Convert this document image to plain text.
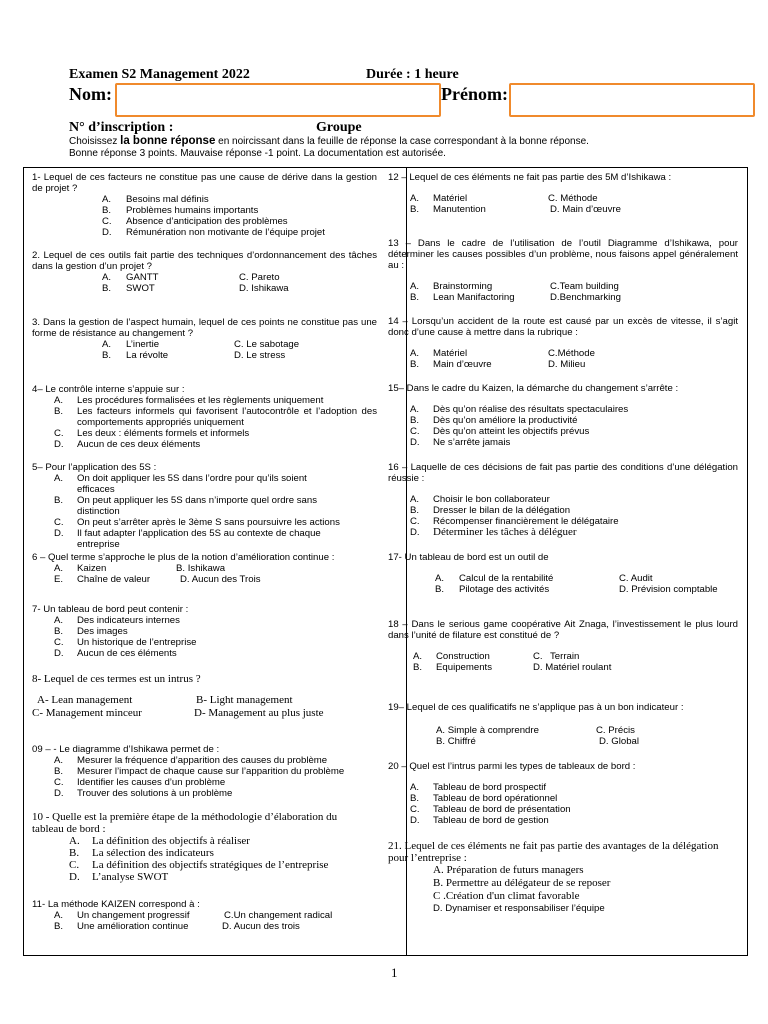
Examen S2 Management 2022	Durée : 1 heure
Nom:	Prénom:
N° d’inscription :	Groupe
Choisissez la bonne réponse en noircissant dans la feuille de réponse la case correspondant à la bonne réponse.
Bonne réponse 3 points. Mauvaise réponse -1 point. La documentation est autorisée.
1- Lequel de ces facteurs ne constitue pas une cause de dérive dans la gestion de projet ?
A. Besoins mal définis
B. Problèmes humains importants
C. Absence d’anticipation des problèmes
D. Rémunération non motivante de l’équipe projet
2. Lequel de ces outils fait partie des techniques d’ordonnancement des tâches dans la gestion d’un projet ?
A. GANTT	C. Pareto
B. SWOT	D. Ishikawa
3. Dans la gestion de l’aspect humain, lequel de ces points ne constitue pas une forme de résistance au changement ?
A. L’inertie	C. Le sabotage
B. La révolte	D. Le stress
4– Le contrôle interne s’appuie sur :
A. Les procédures formalisées et les règlements uniquement
B. Les facteurs informels qui favorisent l’autocontrôle et l’adoption des comportements appropriés uniquement
C. Les deux : éléments formels et informels
D. Aucun de ces deux éléments
5– Pour l’application des 5S :
A. On doit appliquer les 5S dans l’ordre pour qu’ils soient efficaces
B. On peut appliquer les 5S dans n’importe quel ordre sans distinction
C. On peut s’arrêter après le 3ème S sans poursuivre les actions
D. Il faut adapter l’application des 5S au contexte de chaque entreprise
6 – Quel terme s’approche le plus de la notion d’amélioration continue :
A. Kaizen	B. Ishikawa
E. Chaîne de valeur	D. Aucun des Trois
7- Un tableau de bord peut contenir :
A. Des indicateurs internes
B. Des images
C. Un historique de l’entreprise
D. Aucun de ces éléments
8- Lequel de ces termes est un intrus ?
A- Lean management	B- Light management
C- Management minceur	D- Management au plus juste
09 – - Le diagramme d’Ishikawa permet de :
A. Mesurer la fréquence d’apparition des causes du problème
B. Mesurer l’impact de chaque cause sur l’apparition du problème
C. Identifier les causes d’un problème
D. Trouver des solutions à un problème
10 - Quelle est la première étape de la méthodologie d’élaboration du tableau de bord :
A. La définition des objectifs à réaliser
B. La sélection des indicateurs
C. La définition des objectifs stratégiques de l’entreprise
D. L’analyse SWOT
11- La méthode KAIZEN correspond à :
A. Un changement progressif	C.Un changement radical
B. Une amélioration continue	D. Aucun des trois
12 – Lequel de ces éléments ne fait pas partie des 5M d’Ishikawa :
A. Matériel	C. Méthode
B. Manutention	D. Main d’œuvre
13 – Dans le cadre de l’utilisation de l’outil Diagramme d’Ishikawa, pour déterminer les causes possibles d’un problème, nous faisons appel généralement au :
A. Brainstorming	C.Team building
B. Lean Manifactoring	D.Benchmarking
14 – Lorsqu’un accident de la route est causé par un excès de vitesse, il s’agit donc d’une cause à mettre dans la rubrique :
A. Matériel	C.Méthode
B. Main d’œuvre	D. Milieu
15– Dans le cadre du Kaizen, la démarche du changement s’arrête :
A. Dès qu’on réalise des résultats spectaculaires
B. Dès qu’on améliore la productivité
C. Dès qu’on atteint les objectifs prévus
D. Ne s’arrête jamais
16 – Laquelle de ces décisions de fait pas partie des conditions d’une délégation réussie :
A. Choisir le bon collaborateur
B. Dresser le bilan de la délégation
C. Récompenser financièrement le délégataire
D. Déterminer les tâches à déléguer
17- Un tableau de bord est un outil de
A. Calcul de la rentabilité	C. Audit
B. Pilotage des activités	D. Prévision comptable
18 – Dans le serious game coopérative Ait Znaga, l’investissement le plus lourd dans l’unité de filature est constitué de ?
A. Construction	C. Terrain
B. Equipements	D. Matériel roulant
19– Lequel de ces qualificatifs ne s’applique pas à un bon indicateur :
A. Simple à comprendre	C. Précis
B. Chiffré	D. Global
20 – Quel est l’intrus parmi les types de tableaux de bord :
A. Tableau de bord prospectif
B. Tableau de bord opérationnel
C. Tableau de bord de présentation
D. Tableau de bord de gestion
21. Lequel de ces éléments ne fait pas partie des avantages de la délégation pour l’entreprise :
A. Préparation de futurs managers
B. Permettre au délégateur de se reposer
C .Création d'un climat favorable
D. Dynamiser et responsabiliser l’équipe
1
